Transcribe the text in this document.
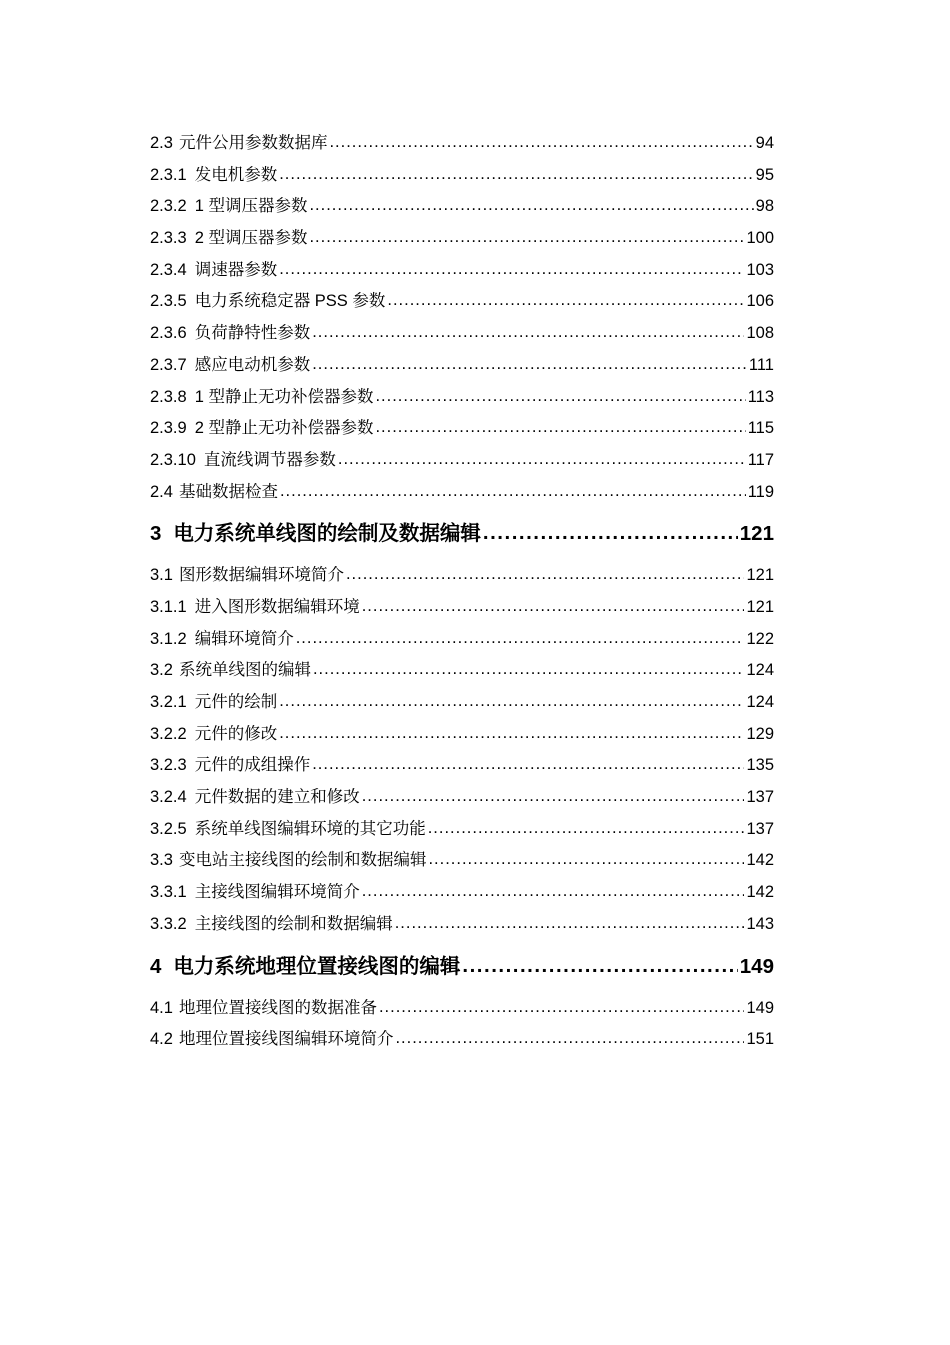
2.3 元件公用参数数据库 .....	94
2.3.1 发电机参数 .....	95
2.3.2 1 型调压器参数 .....	98
2.3.3 2 型调压器参数 .....	100
2.3.4 调速器参数 .....	103
2.3.5 电力系统稳定器 PSS 参数 .....	106
2.3.6 负荷静特性参数 .....	108
2.3.7 感应电动机参数 .....	111
2.3.8 1 型静止无功补偿器参数 .....	113
2.3.9 2 型静止无功补偿器参数 .....	115
2.3.10 直流线调节器参数 .....	117
2.4 基础数据检查 .....	119
3 电力系统单线图的绘制及数据编辑 .....	121
3.1 图形数据编辑环境简介 .....	121
3.1.1 进入图形数据编辑环境 .....	121
3.1.2 编辑环境简介 .....	122
3.2 系统单线图的编辑 .....	124
3.2.1 元件的绘制 .....	124
3.2.2 元件的修改 .....	129
3.2.3 元件的成组操作 .....	135
3.2.4 元件数据的建立和修改 .....	137
3.2.5 系统单线图编辑环境的其它功能 .....	137
3.3 变电站主接线图的绘制和数据编辑 .....	142
3.3.1 主接线图编辑环境简介 .....	142
3.3.2 主接线图的绘制和数据编辑 .....	143
4 电力系统地理位置接线图的编辑 .....	149
4.1 地理位置接线图的数据准备 .....	149
4.2 地理位置接线图编辑环境简介 .....	151
